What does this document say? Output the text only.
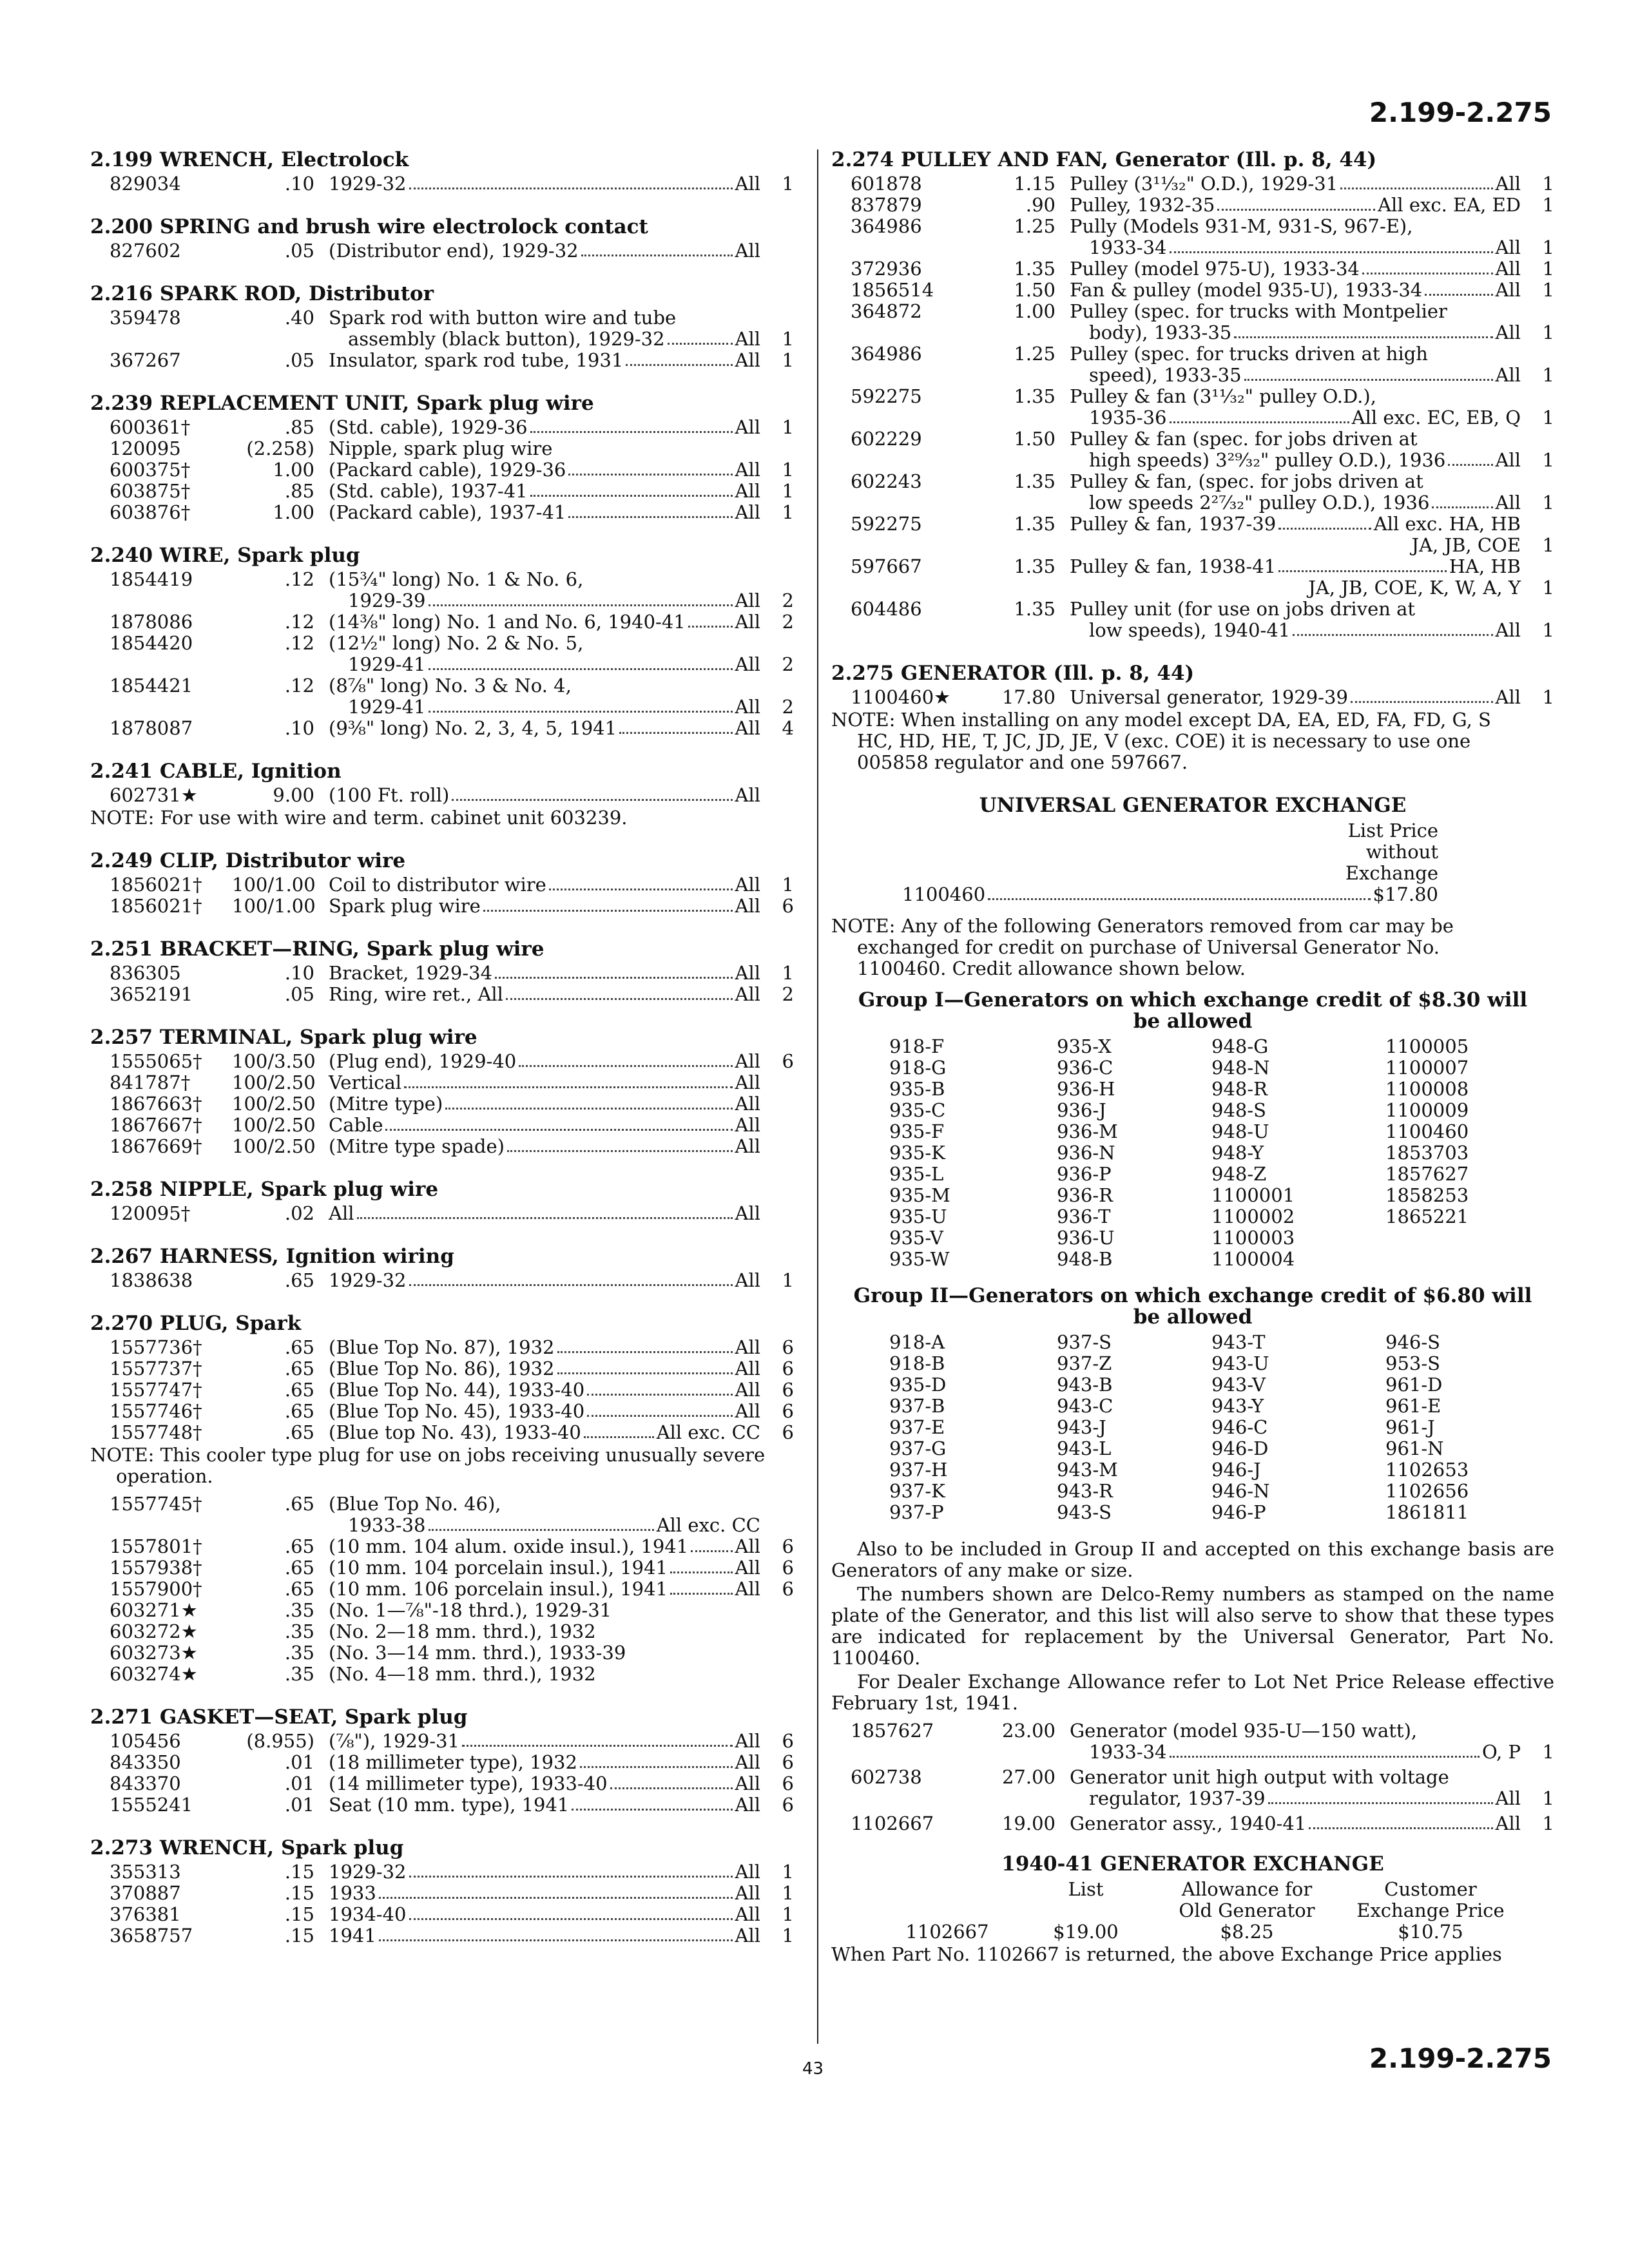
2.199-2.275
2.199-2.275
43
2.199 WRENCH, Electrolock
829034	.10 1929-32	All	1
2.200 SPRING and brush wire electrolock contact
827602	.05 (Distributor end), 1929-32	All
2.216 SPARK ROD, Distributor
359478	.40 Spark rod with button wire and tube
assembly (black button), 1929-32	All	1
367267	.05 Insulator, spark rod tube, 1931	All	1
2.239 REPLACEMENT UNIT, Spark plug wire
600361†	.85 (Std. cable), 1929-36	All	1
120095	(2.258) Nipple, spark plug wire
600375†	1.00 (Packard cable), 1929-36	All	1
603875†	.85 (Std. cable), 1937-41	All	1
603876†	1.00 (Packard cable), 1937-41	All	1
2.240 WIRE, Spark plug
1854419	.12 (15¾" long) No. 1 & No. 6,
1929-39	All	2
1878086	.12 (14⅜" long) No. 1 and No. 6, 1940-41	All	2
1854420	.12 (12½" long) No. 2 & No. 5,
1929-41	All	2
1854421	.12 (8⅞" long) No. 3 & No. 4,
1929-41	All	2
1878087	.10 (9⅜" long) No. 2, 3, 4, 5, 1941	All	4
2.241 CABLE, Ignition
602731★	9.00 (100 Ft. roll)	All
NOTE: For use with wire and term. cabinet unit 603239.
2.249 CLIP, Distributor wire
1856021†	100/1.00 Coil to distributor wire	All	1
1856021†	100/1.00 Spark plug wire	All	6
2.251 BRACKET—RING, Spark plug wire
836305	.10 Bracket, 1929-34	All	1
3652191	.05 Ring, wire ret., All	All	2
2.257 TERMINAL, Spark plug wire
1555065†	100/3.50 (Plug end), 1929-40	All	6
841787†	100/2.50 Vertical	All
1867663†	100/2.50 (Mitre type)	All
1867667†	100/2.50 Cable	All
1867669†	100/2.50 (Mitre type spade)	All
2.258 NIPPLE, Spark plug wire
120095†	.02 All	All
2.267 HARNESS, Ignition wiring
1838638	.65 1929-32	All	1
2.270 PLUG, Spark
1557736†	.65 (Blue Top No. 87), 1932	All	6
1557737†	.65 (Blue Top No. 86), 1932	All	6
1557747†	.65 (Blue Top No. 44), 1933-40	All	6
1557746†	.65 (Blue Top No. 45), 1933-40	All	6
1557748†	.65 (Blue top No. 43), 1933-40	All exc. CC	6
NOTE: This cooler type plug for use on jobs receiving unusually severe
operation.
1557745†	.65 (Blue Top No. 46),
1933-38	All exc. CC
1557801†	.65 (10 mm. 104 alum. oxide insul.), 1941 All	6
1557938†	.65 (10 mm. 104 porcelain insul.), 1941	All	6
1557900†	.65 (10 mm. 106 porcelain insul.), 1941	All	6
603271★	.35 (No. 1—⅞"-18 thrd.), 1929-31
603272★	.35 (No. 2—18 mm. thrd.), 1932
603273★	.35 (No. 3—14 mm. thrd.), 1933-39
603274★	.35 (No. 4—18 mm. thrd.), 1932
2.271 GASKET—SEAT, Spark plug
105456	(8.955) (⅞"), 1929-31	All	6
843350	.01 (18 millimeter type), 1932	All	6
843370	.01 (14 millimeter type), 1933-40	All	6
1555241	.01 Seat (10 mm. type), 1941	All	6
2.273 WRENCH, Spark plug
355313	.15 1929-32	All	1
370887	.15 1933	All	1
376381	.15 1934-40	All	1
3658757	.15 1941	All	1
2.274 PULLEY AND FAN, Generator (Ill. p. 8, 44)
601878	1.15 Pulley (3¹¹⁄₃₂" O.D.), 1929-31	All	1
837879	.90 Pulley, 1932-35	All exc. EA, ED	1
364986	1.25 Pully (Models 931-M, 931-S, 967-E),
1933-34	All	1
372936	1.35 Pulley (model 975-U), 1933-34	All	1
1856514	1.50 Fan & pulley (model 935-U), 1933-34	All	1
364872	1.00 Pulley (spec. for trucks with Montpelier
body), 1933-35	All	1
364986	1.25 Pulley (spec. for trucks driven at high
speed), 1933-35	All	1
592275	1.35 Pulley & fan (3¹¹⁄₃₂" pulley O.D.),
1935-36	All exc. EC, EB, Q	1
602229	1.50 Pulley & fan (spec. for jobs driven at
high speeds) 3²⁹⁄₃₂" pulley O.D.), 1936	All	1
602243	1.35 Pulley & fan, (spec. for jobs driven at
low speeds 2²⁷⁄₃₂" pulley O.D.), 1936	All	1
592275	1.35 Pulley & fan, 1937-39	All exc. HA, HB
JA, JB, COE	1
597667	1.35 Pulley & fan, 1938-41	HA, HB
JA, JB, COE, K, W, A, Y	1
604486	1.35 Pulley unit (for use on jobs driven at
low speeds), 1940-41	All	1
2.275 GENERATOR (Ill. p. 8, 44)
1100460★	17.80 Universal generator, 1929-39	All	1
NOTE: When installing on any model except DA, EA, ED, FA, FD, G, S
HC, HD, HE, T, JC, JD, JE, V (exc. COE) it is necessary to use one
005858 regulator and one 597667.
UNIVERSAL GENERATOR EXCHANGE
List Price
without
Exchange
1100460	$17.80
NOTE: Any of the following Generators removed from car may be
exchanged for credit on purchase of Universal Generator No.
1100460. Credit allowance shown below.
Group I—Generators on which exchange credit of $8.30 will
be allowed
918-F	935-X	948-G	1100005
918-G	936-C	948-N	1100007
935-B	936-H	948-R	1100008
935-C	936-J	948-S	1100009
935-F	936-M	948-U	1100460
935-K	936-N	948-Y	1853703
935-L	936-P	948-Z	1857627
935-M	936-R	1100001	1858253
935-U	936-T	1100002	1865221
935-V	936-U	1100003
935-W	948-B	1100004
Group II—Generators on which exchange credit of $6.80 will
be allowed
918-A	937-S	943-T	946-S
918-B	937-Z	943-U	953-S
935-D	943-B	943-V	961-D
937-B	943-C	943-Y	961-E
937-E	943-J	946-C	961-J
937-G	943-L	946-D	961-N
937-H	943-M	946-J	1102653
937-K	943-R	946-N	1102656
937-P	943-S	946-P	1861811
Also to be included in Group II and accepted on this exchange basis are Generators of any make or size.
The numbers shown are Delco-Remy numbers as stamped on the name plate of the Generator, and this list will also serve to show that these types are indicated for replacement by the Universal Generator, Part No. 1100460.
For Dealer Exchange Allowance refer to Lot Net Price Release effective February 1st, 1941.
1857627	23.00 Generator (model 935-U—150 watt),
1933-34	O, P	1
602738	27.00 Generator unit high output with voltage
regulator, 1937-39	All	1
1102667	19.00 Generator assy., 1940-41	All	1
1940-41 GENERATOR EXCHANGE
List	Allowance for
Old Generator
Customer
Exchange Price
1102667	$19.00	$8.25	$10.75
When Part No. 1102667 is returned, the above Exchange Price applies
